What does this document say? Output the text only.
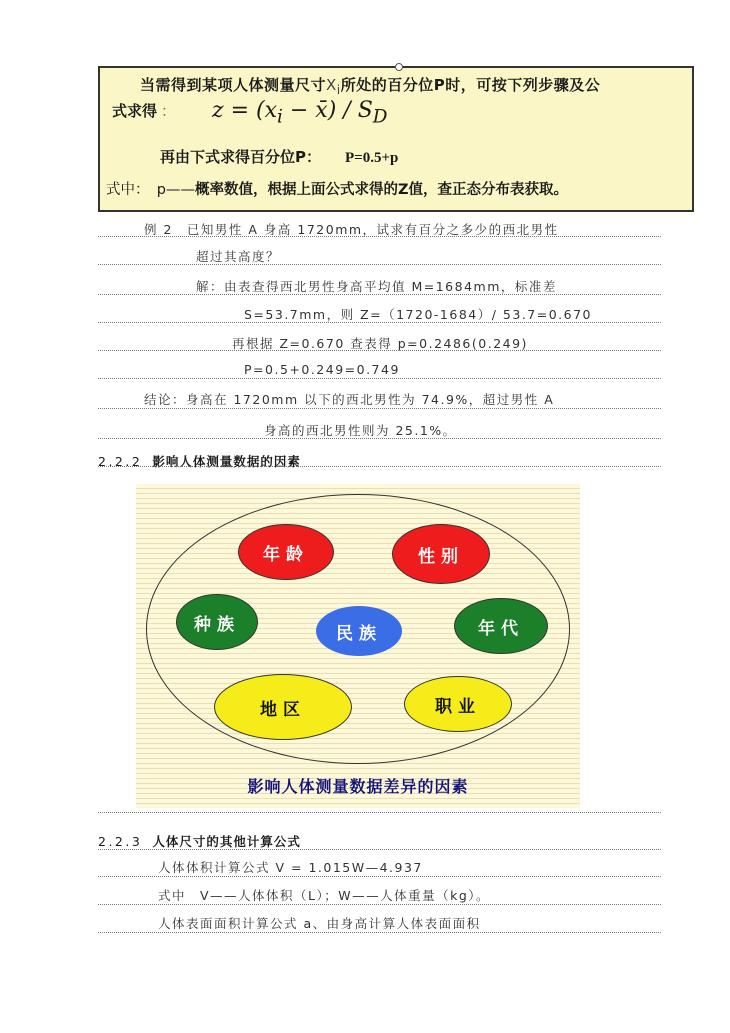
当需得到某项人体测量尺寸$X_i$所处的百分位P时，可按下列步骤及公
式求得 ： $z = (x_i$ − x̄) / $S_D$
再由下式求得百分位P： P=0.5+p
式中：　p——概率数值，根据上面公式求得的Z值，查正态分布表获取。
例 2　已知男性 A 身高 1720mm，试求有百分之多少的西北男性
超过其高度？
解：由表查得西北男性身高平均值 M=1684mm，标准差
S=53.7mm，则 Z=（1720-1684）/ 53.7=0.670
再根据 Z=0.670 查表得 p=0.2486(0.249)
P=0.5+0.249=0.749
结论：身高在 1720mm 以下的西北男性为 74.9%，超过男性 A
身高的西北男性则为 25.1%。
2.2.2 影响人体测量数据的因素
年龄	性别
种族	民族	年代
地区	职业
影响人体测量数据差异的因素
2.2.3 人体尺寸的其他计算公式
人体体积计算公式 V = 1.015W—4.937
式中　V——人体体积（L）；W——人体重量（kg）。
人体表面面积计算公式 a、由身高计算人体表面面积
